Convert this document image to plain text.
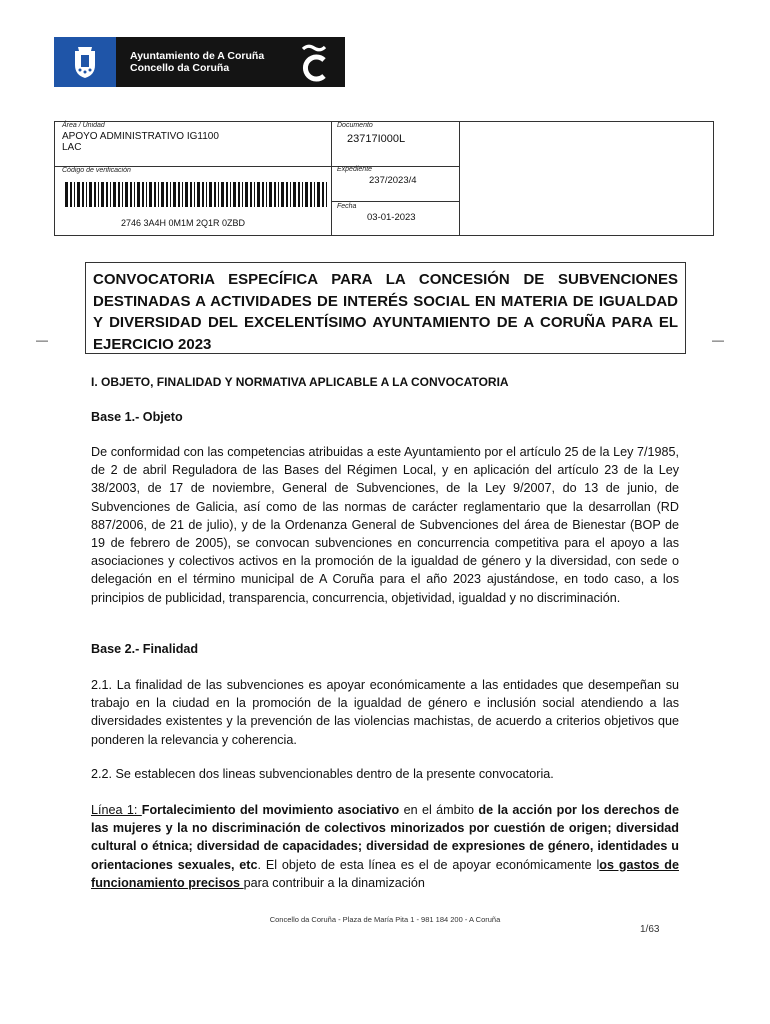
Ayuntamiento de A Coruña
Concello da Coruña
Área / Unidad
APOYO ADMINISTRATIVO IG1100
LAC
Código de verificación
2746 3A4H 0M1M 2Q1R 0ZBD
Documento
23717I000L
Expediente
237/2023/4
Fecha
03-01-2023
—	—

CONVOCATORIA ESPECÍFICA PARA LA CONCESIÓN DE SUBVENCIONES

DESTINADAS A ACTIVIDADES DE INTERÉS SOCIAL EN MATERIA DE IGUALDAD

Y DIVERSIDAD DEL EXCELENTÍSIMO AYUNTAMIENTO DE A CORUÑA PARA EL

EJERCICIO 2023

I. OBJETO, FINALIDAD Y NORMATIVA APLICABLE A LA CONVOCATORIA
Base 1.- Objeto

De conformidad con las competencias atribuidas a este Ayuntamiento por el artículo 25 de la Ley 7/1985, de 2 de abril Reguladora de las Bases del Régimen Local, y en aplicación del artículo 23 de la Ley 38/2003, de 17 de noviembre, General de Subvenciones, de la Ley 9/2007, do 13 de junio, de Subvenciones de Galicia, así como de las normas de carácter reglamentario que la desarrollan (RD 887/2006, de 21 de julio), y de la Ordenanza General de Subvenciones del área de Bienestar (BOP de 19 de febrero de 2005), se convocan subvenciones en concurrencia competitiva para el apoyo a las asociaciones y colectivos activos en la promoción de la igualdad de género y la diversidad, con sede o delegación en el término municipal de A Coruña para el año 2023 ajustándose, en todo caso, a los principios de publicidad, transparencia, concurrencia, objetividad, igualdad y no discriminación.

Base 2.- Finalidad

2.1. La finalidad de las subvenciones es apoyar económicamente a las entidades que desempeñan su trabajo en la ciudad en la promoción de la igualdad de género e inclusión social atendiendo a las diversidades existentes y la prevención de las violencias machistas, de acuerdo a criterios objetivos que ponderen la relevancia y coherencia.

2.2. Se establecen dos lineas subvencionables dentro de la presente convocatoria.

Línea 1: Fortalecimiento del movimiento asociativo en el ámbito de la acción por los derechos de las mujeres y la no discriminación de colectivos minorizados por cuestión de origen; diversidad cultural o étnica; diversidad de capacidades; diversidad de expresiones de género, identidades u orientaciones sexuales, etc. El objeto de esta línea es el de apoyar económicamente los gastos de funcionamiento precisos para contribuir a la dinamización

Concello da Coruña - Plaza de María Pita 1 - 981 184 200 - A Coruña
1/63
